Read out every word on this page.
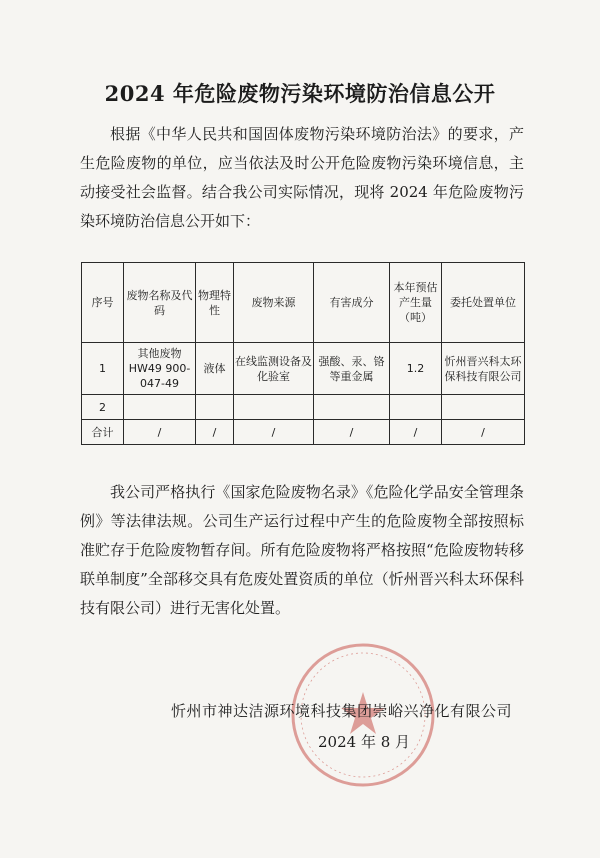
2024 年危险废物污染环境防治信息公开

根据《中华人民共和国固体废物污染环境防治法》的要求，产生危险废物的单位，应当依法及时公开危险废物污染环境信息，主动接受社会监督。结合我公司实际情况，现将 2024 年危险废物污染环境防治信息公开如下：

序号	废物名称及代码	物理特性	废物来源	有害成分	本年预估产生量（吨）	委托处置单位
1	其他废物 HW49 900-047-49	液体	在线监测设备及化验室	强酸、汞、铬等重金属	1.2	忻州晋兴科太环保科技有限公司
2						
合计	/	/	/	/	/	/

我公司严格执行《国家危险废物名录》《危险化学品安全管理条例》等法律法规。公司生产运行过程中产生的危险废物全部按照标准贮存于危险废物暂存间。所有危险废物将严格按照“危险废物转移联单制度”全部移交具有危废处置资质的单位（忻州晋兴科太环保科技有限公司）进行无害化处置。

忻州市神达洁源环境科技集团崇峪兴净化有限公司
2024 年 8 月
